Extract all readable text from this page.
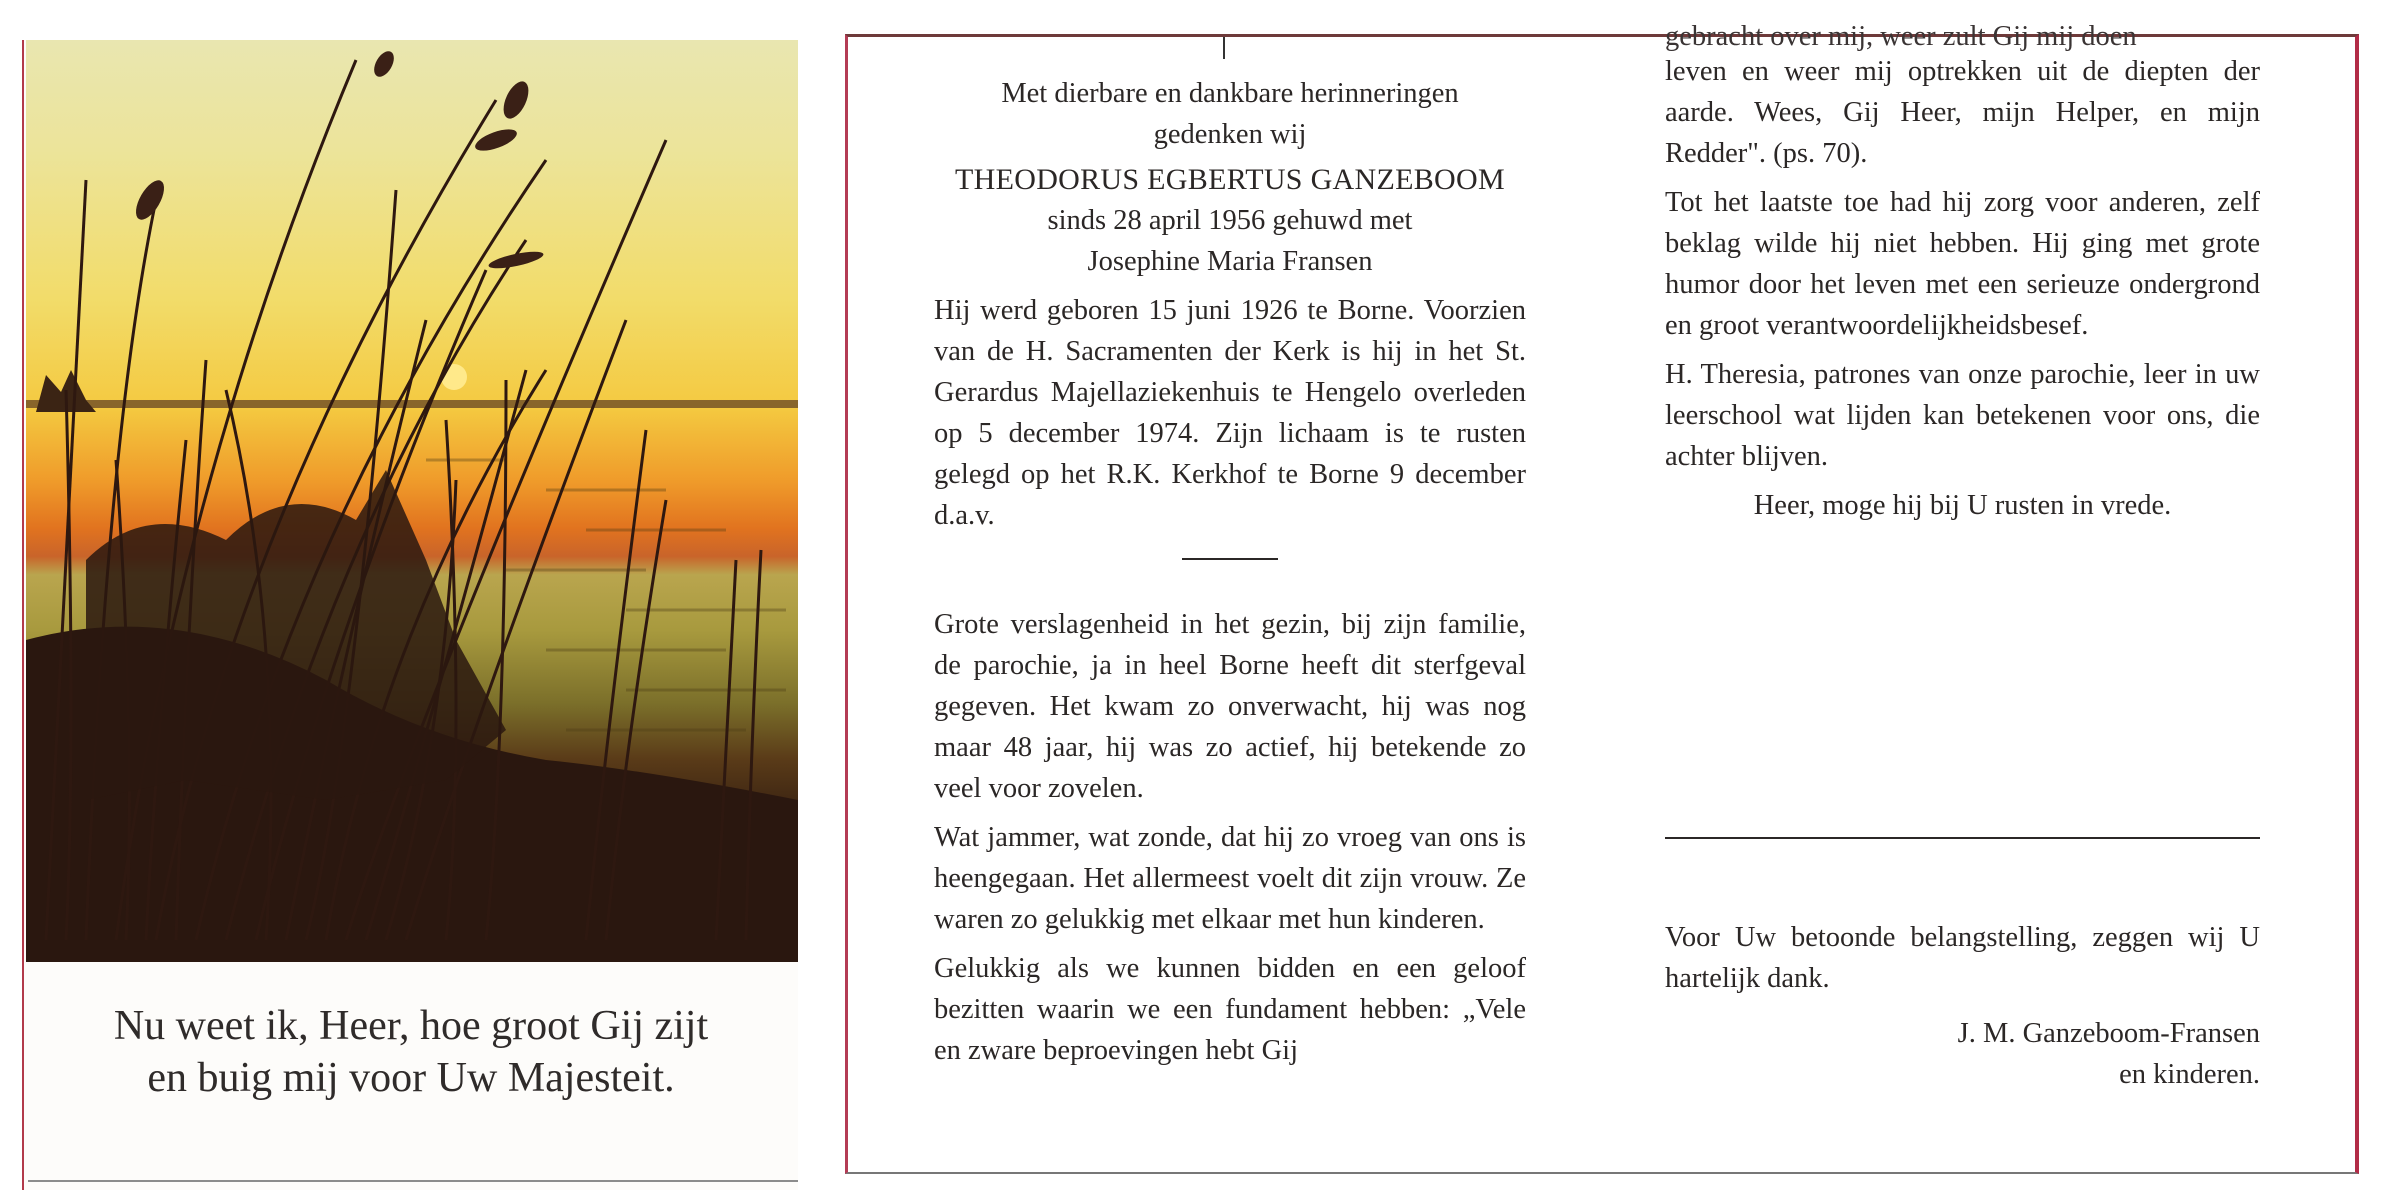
Nu weet ik, Heer, hoe groot Gij zijt
en buig mij voor Uw Majesteit.
Met dierbare en dankbare herinneringen
gedenken wij
THEODORUS EGBERTUS GANZEBOOM
sinds 28 april 1956 gehuwd met
Josephine Maria Fransen

Hij werd geboren 15 juni 1926 te Borne. Voorzien van de H. Sacramenten der Kerk is hij in het St. Gerardus Majellaziekenhuis te Hengelo overleden op 5 december 1974. Zijn lichaam is te rusten gelegd op het R.K. Kerkhof te Borne 9 december d.a.v.

Grote verslagenheid in het gezin, bij zijn familie, de parochie, ja in heel Borne heeft dit sterfgeval gegeven. Het kwam zo onverwacht, hij was nog maar 48 jaar, hij was zo actief, hij betekende zo veel voor zovelen.

Wat jammer, wat zonde, dat hij zo vroeg van ons is heengegaan. Het allermeest voelt dit zijn vrouw. Ze waren zo gelukkig met elkaar met hun kinderen.

Gelukkig als we kunnen bidden en een geloof bezitten waarin we een fundament hebben: „Vele en zware beproevingen hebt Gij

gebracht over mij, weer zult Gij mij doen

leven en weer mij optrekken uit de diepten der aarde. Wees, Gij Heer, mijn Helper, en mijn Redder". (ps. 70).

Tot het laatste toe had hij zorg voor anderen, zelf beklag wilde hij niet hebben. Hij ging met grote humor door het leven met een serieuze ondergrond en groot verantwoordelijkheidsbesef.

H. Theresia, patrones van onze parochie, leer in uw leerschool wat lijden kan betekenen voor ons, die achter blijven.

Heer, moge hij bij U rusten in vrede.

Voor Uw betoonde belangstelling, zeggen wij U hartelijk dank.

J. M. Ganzeboom-Fransen
en kinderen.
